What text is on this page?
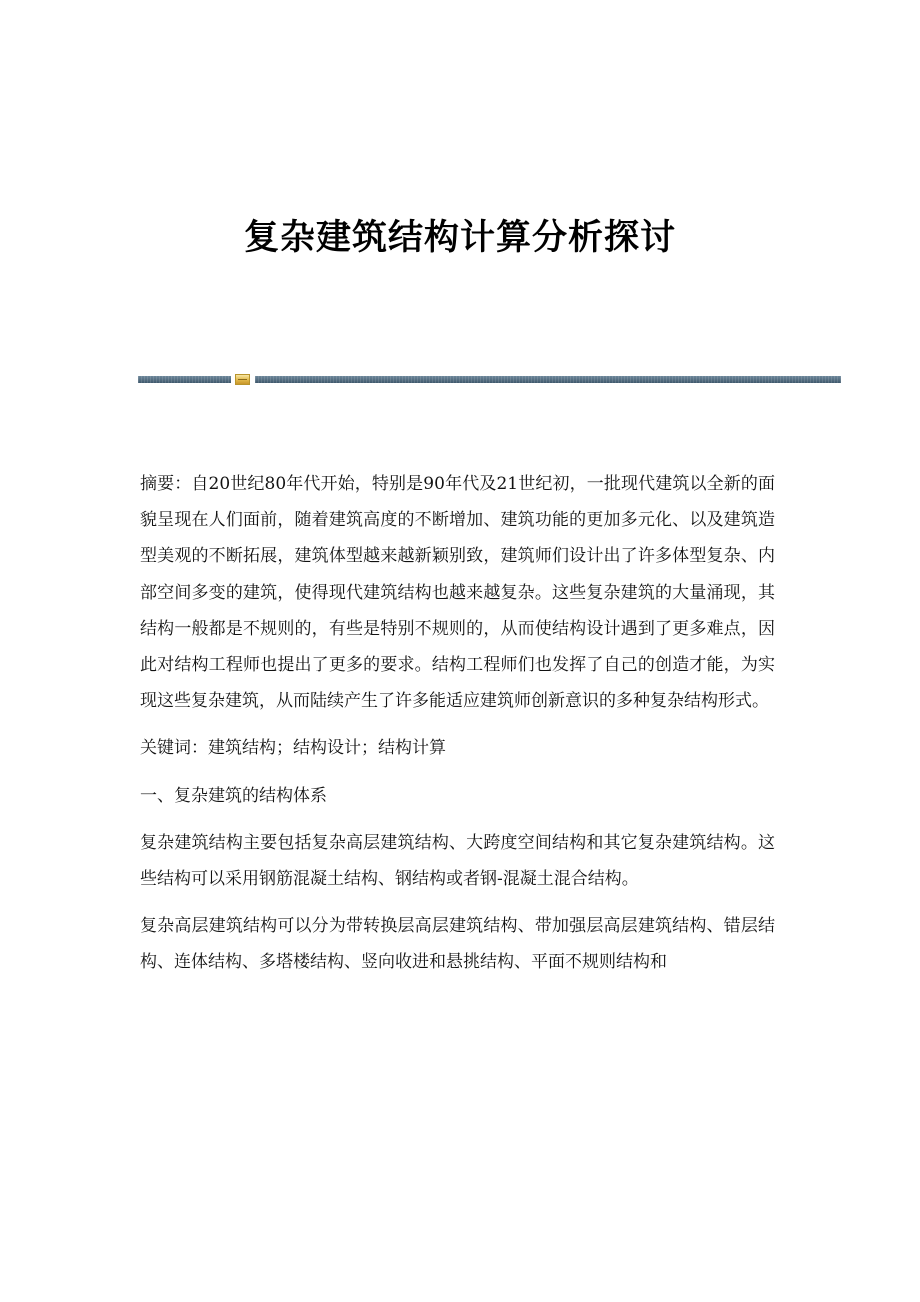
复杂建筑结构计算分析探讨

摘要：自20世纪80年代开始，特别是90年代及21世纪初，一批现代建筑以全新的面貌呈现在人们面前，随着建筑高度的不断增加、建筑功能的更加多元化、以及建筑造型美观的不断拓展，建筑体型越来越新颖别致，建筑师们设计出了许多体型复杂、内部空间多变的建筑，使得现代建筑结构也越来越复杂。这些复杂建筑的大量涌现，其结构一般都是不规则的，有些是特别不规则的，从而使结构设计遇到了更多难点，因此对结构工程师也提出了更多的要求。结构工程师们也发挥了自己的创造才能，为实现这些复杂建筑，从而陆续产生了许多能适应建筑师创新意识的多种复杂结构形式。

关键词：建筑结构；结构设计；结构计算

一、复杂建筑的结构体系

复杂建筑结构主要包括复杂高层建筑结构、大跨度空间结构和其它复杂建筑结构。这些结构可以采用钢筋混凝土结构、钢结构或者钢-混凝土混合结构。

复杂高层建筑结构可以分为带转换层高层建筑结构、带加强层高层建筑结构、错层结构、连体结构、多塔楼结构、竖向收进和悬挑结构、平面不规则结构和
